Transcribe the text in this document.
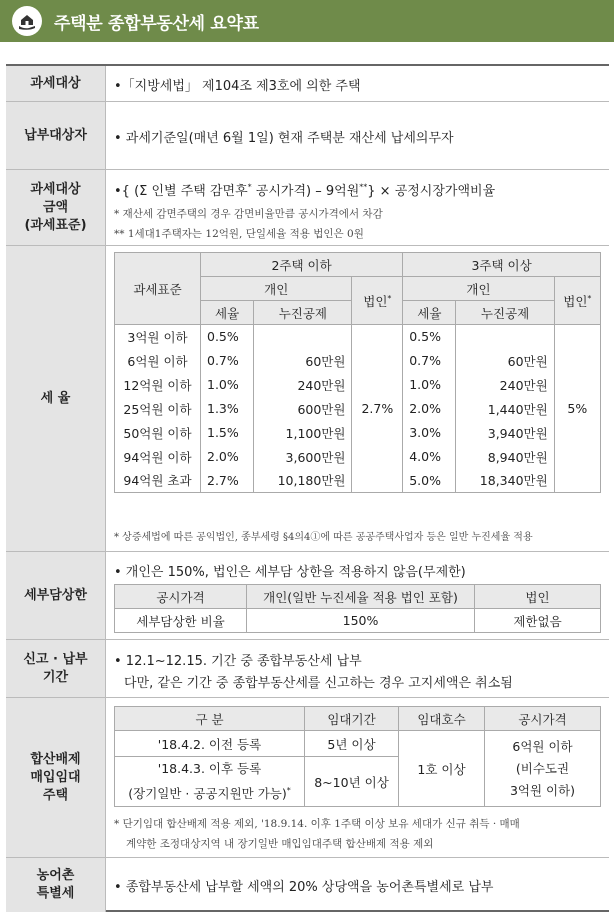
주택분 종합부동산세 요약표
과세대상	•「지방세법」 제104조 제3호에 의한 주택
납부대상자	• 과세기준일(매년 6월 1일) 현재 주택분 재산세 납세의무자
과세대상
금액
(과세표준)
•{ (Σ 인별 주택 감면후* 공시가격) – 9억원**} × 공정시장가액비율
* 재산세 감면주택의 경우 감면비율만큼 공시가격에서 차감
** 1세대1주택자는 12억원, 단일세율 적용 법인은 0원
세 율
과세표준	2주택 이하			3주택 이상		
	개인		법인*	개인		법인*
	세율	누진공제		세율	누진공제	
3억원 이하	0.5%		2.7%	0.5%		5%
6억원 이하	0.7%	60만원		0.7%	60만원	
12억원 이하	1.0%	240만원		1.0%	240만원	
25억원 이하	1.3%	600만원		2.0%	1,440만원	
50억원 이하	1.5%	1,100만원		3.0%	3,940만원	
94억원 이하	2.0%	3,600만원		4.0%	8,940만원	
94억원 초과	2.7%	10,180만원		5.0%	18,340만원	
* 상증세법에 따른 공익법인, 종부세령 §4의4①에 따른 공공주택사업자 등은 일반 누진세율 적용
세부담상한
• 개인은 150%, 법인은 세부담 상한을 적용하지 않음(무제한)
공시가격	개인(일반 누진세율 적용 법인 포함)	법인
세부담상한 비율	150%	제한없음
신고 · 납부
기간
• 12.1~12.15. 기간 중 종합부동산세 납부
다만, 같은 기간 중 종합부동산세를 신고하는 경우 고지세액은 취소됨
합산배제
매입임대
주택
구 분	임대기간	임대호수	공시가격
'18.4.2. 이전 등록	5년 이상	1호 이상	6억원 이하
(비수도권
3억원 이하)

'18.4.3. 이후 등록
(장기일반 · 공공지원만 가능)*	8~10년 이상		
* 단기임대 합산배제 적용 제외, '18.9.14. 이후 1주택 이상 보유 세대가 신규 취득 · 매매
계약한 조정대상지역 내 장기일반 매입임대주택 합산배제 적용 제외
농어촌
특별세	• 종합부동산세 납부할 세액의 20% 상당액을 농어촌특별세로 납부
